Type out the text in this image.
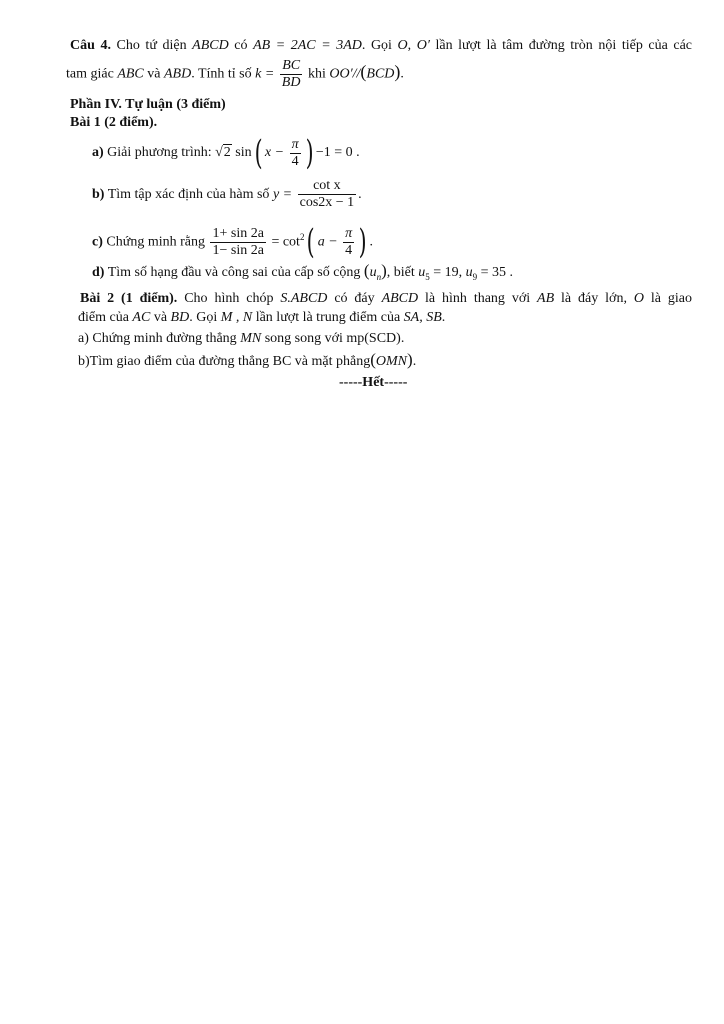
Câu 4. Cho tứ diện ABCD có AB = 2AC = 3AD. Gọi O, O′ lần lượt là tâm đường tròn nội tiếp của các
tam giác ABC và ABD. Tính tỉ số $k = \frac{BC}{BD}$ khi OO′//(BCD).
Phần IV. Tự luận (3 điểm)
Bài 1 (2 điểm).
a) Giải phương trình: √2 sin( $x - \frac{\pi}{4}$ ) −1 = 0 .
b) Tìm tập xác định của hàm số $y = \frac{\text{cot x}}{\cos 2x - 1}$ .
c) Chứng minh rằng $\frac{1+ \sin 2a}{1- \sin 2a} = \cot^2$( $a - \frac{\pi}{4}$ ) .
d) Tìm số hạng đầu và công sai của cấp số cộng $(u_n)$, biết $u_5 = 19$, $u_9 = 35$ .
Bài 2 (1 điểm). Cho hình chóp S.ABCD có đáy ABCD là hình thang với AB là đáy lớn, O là giao
điểm của AC và BD. Gọi M , N lần lượt là trung điểm của SA, SB.
a) Chứng minh đường thẳng MN song song với mp(SCD).
b)Tìm giao điểm của đường thẳng BC và mặt phẳng(OMN).
-----Hết-----
